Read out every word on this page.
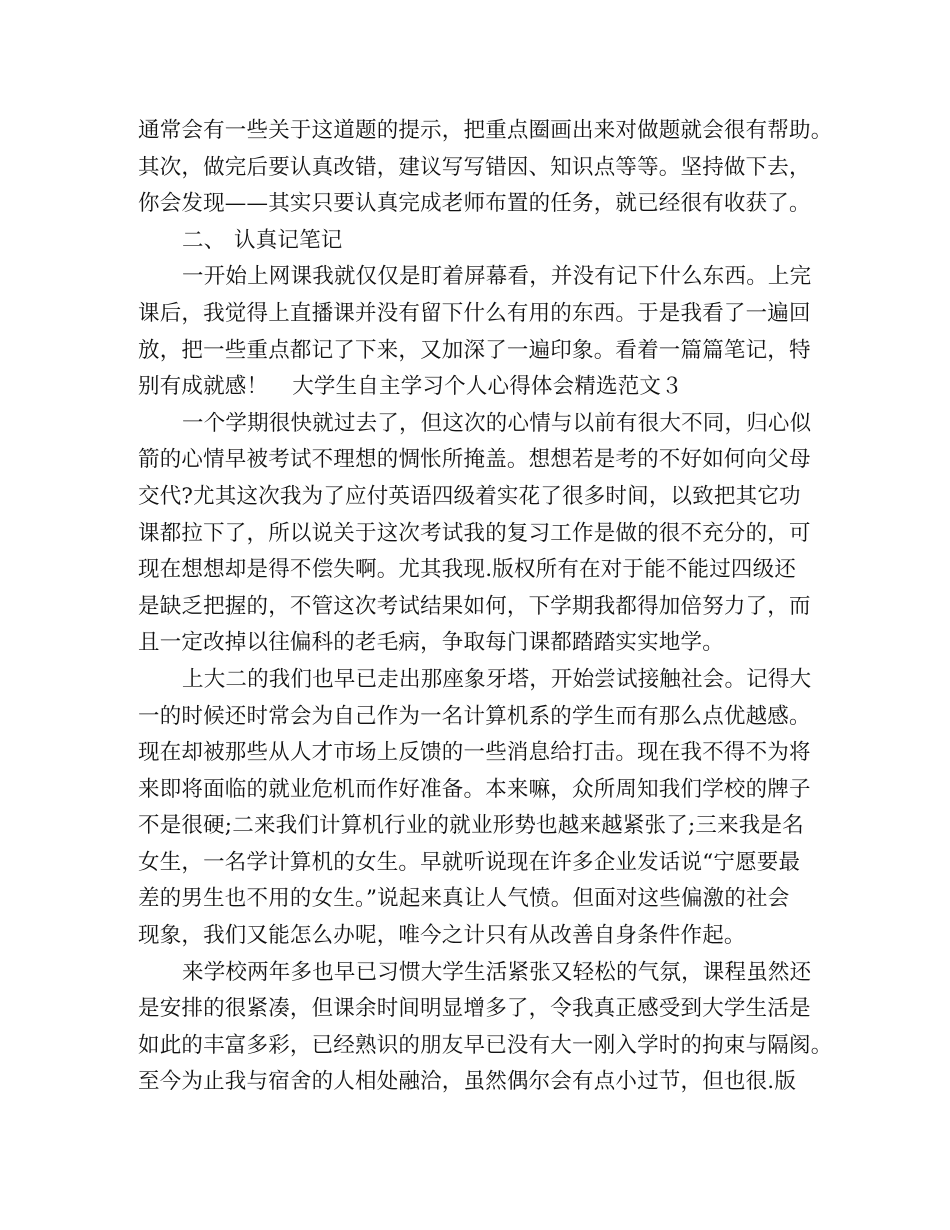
通常会有一些关于这道题的提示，把重点圈画出来对做题就会很有帮助。
其次，做完后要认真改错，建议写写错因、知识点等等。坚持做下去，
你会发现——其实只要认真完成老师布置的任务，就已经很有收获了。
二、 认真记笔记
一开始上网课我就仅仅是盯着屏幕看，并没有记下什么东西。上完
课后，我觉得上直播课并没有留下什么有用的东西。于是我看了一遍回
放，把一些重点都记了下来，又加深了一遍印象。看着一篇篇笔记，特
别有成就感！ 大学生自主学习个人心得体会精选范文３
一个学期很快就过去了，但这次的心情与以前有很大不同，归心似
箭的心情早被考试不理想的惆怅所掩盖。想想若是考的不好如何向父母
交代?尤其这次我为了应付英语四级着实花了很多时间，以致把其它功
课都拉下了，所以说关于这次考试我的复习工作是做的很不充分的，可
现在想想却是得不偿失啊。尤其我现.版权所有在对于能不能过四级还
是缺乏把握的，不管这次考试结果如何，下学期我都得加倍努力了，而
且一定改掉以往偏科的老毛病，争取每门课都踏踏实实地学。
上大二的我们也早已走出那座象牙塔，开始尝试接触社会。记得大
一的时候还时常会为自己作为一名计算机系的学生而有那么点优越感。
现在却被那些从人才市场上反馈的一些消息给打击。现在我不得不为将
来即将面临的就业危机而作好准备。本来嘛，众所周知我们学校的牌子
不是很硬;二来我们计算机行业的就业形势也越来越紧张了;三来我是名
女生，一名学计算机的女生。早就听说现在许多企业发话说“宁愿要最
差的男生也不用的女生。”说起来真让人气愤。但面对这些偏激的社会
现象，我们又能怎么办呢，唯今之计只有从改善自身条件作起。
来学校两年多也早已习惯大学生活紧张又轻松的气氛，课程虽然还
是安排的很紧凑，但课余时间明显增多了，令我真正感受到大学生活是
如此的丰富多彩，已经熟识的朋友早已没有大一刚入学时的拘束与隔阂。
至今为止我与宿舍的人相处融洽，虽然偶尔会有点小过节，但也很.版
